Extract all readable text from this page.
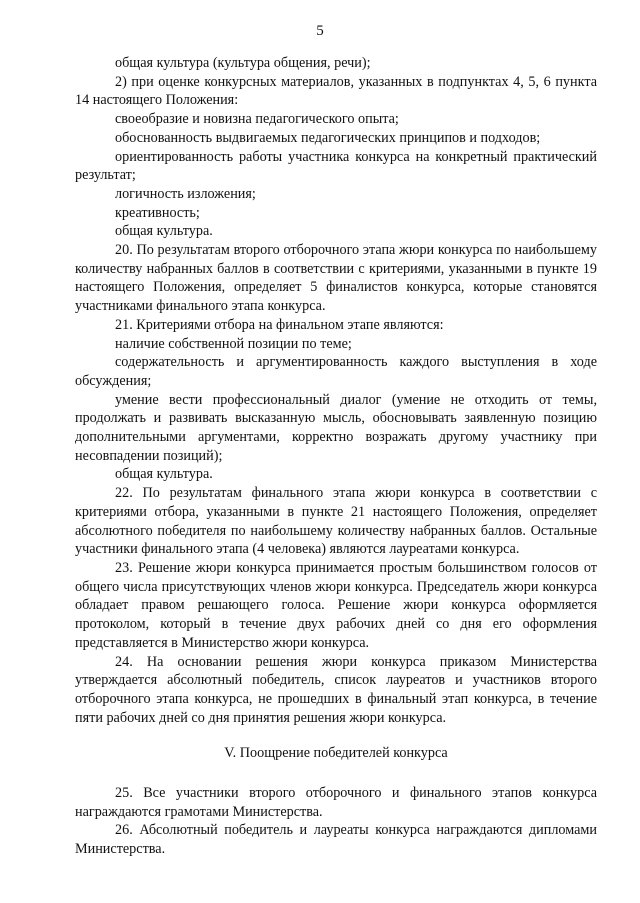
5

общая культура (культура общения, речи);

2) при оценке конкурсных материалов, указанных в подпунктах 4, 5, 6 пункта 14 настоящего Положения:

своеобразие и новизна педагогического опыта;

обоснованность выдвигаемых педагогических принципов и подходов;

ориентированность работы участника конкурса на конкретный практический результат;

логичность изложения;

креативность;

общая культура.

20. По результатам второго отборочного этапа жюри конкурса по наибольшему количеству набранных баллов в соответствии с критериями, указанными в пункте 19 настоящего Положения, определяет 5 финалистов конкурса, которые становятся участниками финального этапа конкурса.

21. Критериями отбора на финальном этапе являются:

наличие собственной позиции по теме;

содержательность и аргументированность каждого выступления в ходе обсуждения;

умение вести профессиональный диалог (умение не отходить от темы, продолжать и развивать высказанную мысль, обосновывать заявленную позицию дополнительными аргументами, корректно возражать другому участнику при несовпадении позиций);

общая культура.

22. По результатам финального этапа жюри конкурса в соответствии с критериями отбора, указанными в пункте 21 настоящего Положения, определяет абсолютного победителя по наибольшему количеству набранных баллов. Остальные участники финального этапа (4 человека) являются лауреатами конкурса.

23. Решение жюри конкурса принимается простым большинством голосов от общего числа присутствующих членов жюри конкурса. Председатель жюри конкурса обладает правом решающего голоса. Решение жюри конкурса оформляется протоколом, который в течение двух рабочих дней со дня его оформления представляется в Министерство жюри конкурса.

24. На основании решения жюри конкурса приказом Министерства утверждается абсолютный победитель, список лауреатов и участников второго отборочного этапа конкурса, не прошедших в финальный этап конкурса, в течение пяти рабочих дней со дня принятия решения жюри конкурса.

V. Поощрение победителей конкурса

25. Все участники второго отборочного и финального этапов конкурса награждаются грамотами Министерства.

26. Абсолютный победитель и лауреаты конкурса награждаются дипломами Министерства.
